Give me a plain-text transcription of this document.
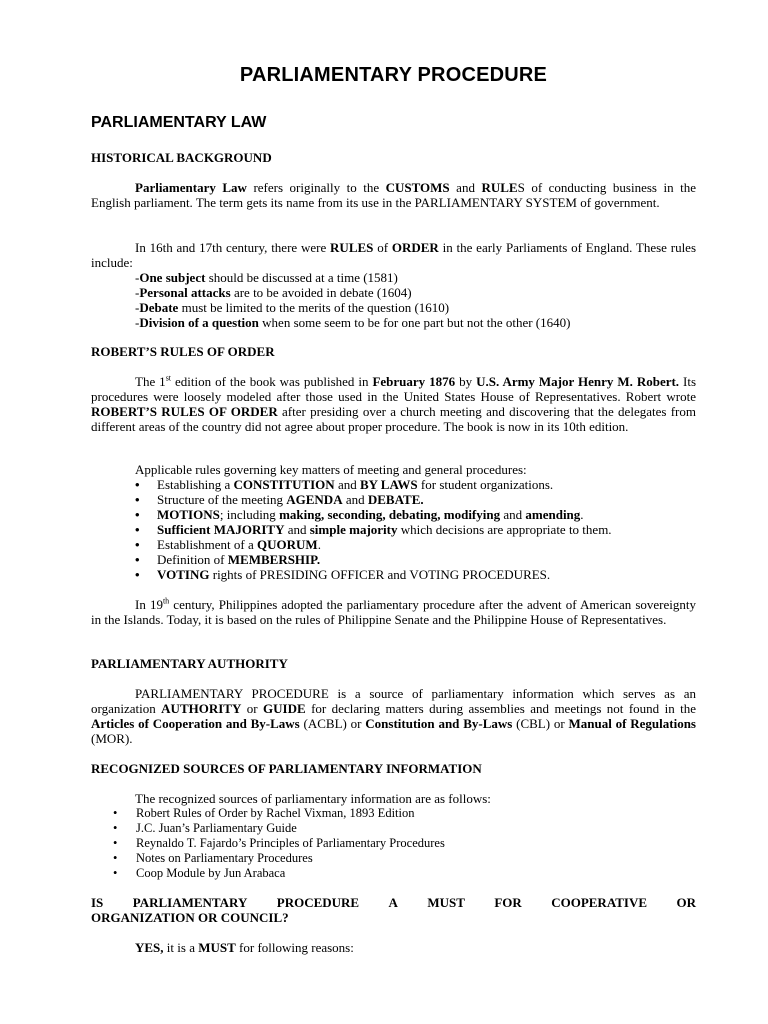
PARLIAMENTARY PROCEDURE
PARLIAMENTARY LAW
HISTORICAL BACKGROUND

Parliamentary Law refers originally to the CUSTOMS and RULES of conducting business in the English parliament. The term gets its name from its use in the PARLIAMENTARY SYSTEM of government.

In 16th and 17th century, there were RULES of ORDER in the early Parliaments of England. These rules include:

-One subject should be discussed at a time (1581)
-Personal attacks are to be avoided in debate (1604)
-Debate must be limited to the merits of the question (1610)
-Division of a question when some seem to be for one part but not the other (1640)
ROBERT’S RULES OF ORDER

The 1st edition of the book was published in February 1876 by U.S. Army Major Henry M. Robert. Its procedures were loosely modeled after those used in the United States House of Representatives. Robert wrote ROBERT’S RULES OF ORDER after presiding over a church meeting and discovering that the delegates from different areas of the country did not agree about proper procedure. The book is now in its 10th edition.

Applicable rules governing key matters of meeting and general procedures:
• Establishing a CONSTITUTION and BY LAWS for student organizations.
• Structure of the meeting AGENDA and DEBATE.
• MOTIONS; including making, seconding, debating, modifying and amending.
• Sufficient MAJORITY and simple majority which decisions are appropriate to them.
• Establishment of a QUORUM.
• Definition of MEMBERSHIP.
• VOTING rights of PRESIDING OFFICER and VOTING PROCEDURES.

In 19th century, Philippines adopted the parliamentary procedure after the advent of American sovereignty in the Islands. Today, it is based on the rules of Philippine Senate and the Philippine House of Representatives.

PARLIAMENTARY AUTHORITY

PARLIAMENTARY PROCEDURE is a source of parliamentary information which serves as an organization AUTHORITY or GUIDE for declaring matters during assemblies and meetings not found in the Articles of Cooperation and By-Laws (ACBL) or Constitution and By-Laws (CBL) or Manual of Regulations (MOR).

RECOGNIZED SOURCES OF PARLIAMENTARY INFORMATION
The recognized sources of parliamentary information are as follows:
• Robert Rules of Order by Rachel Vixman, 1893 Edition
• J.C. Juan’s Parliamentary Guide
• Reynaldo T. Fajardo’s Principles of Parliamentary Procedures
• Notes on Parliamentary Procedures
• Coop Module by Jun Arabaca
IS PARLIAMENTARY PROCEDURE A MUST FOR COOPERATIVE OR
ORGANIZATION OR COUNCIL?

YES, it is a MUST for following reasons:
